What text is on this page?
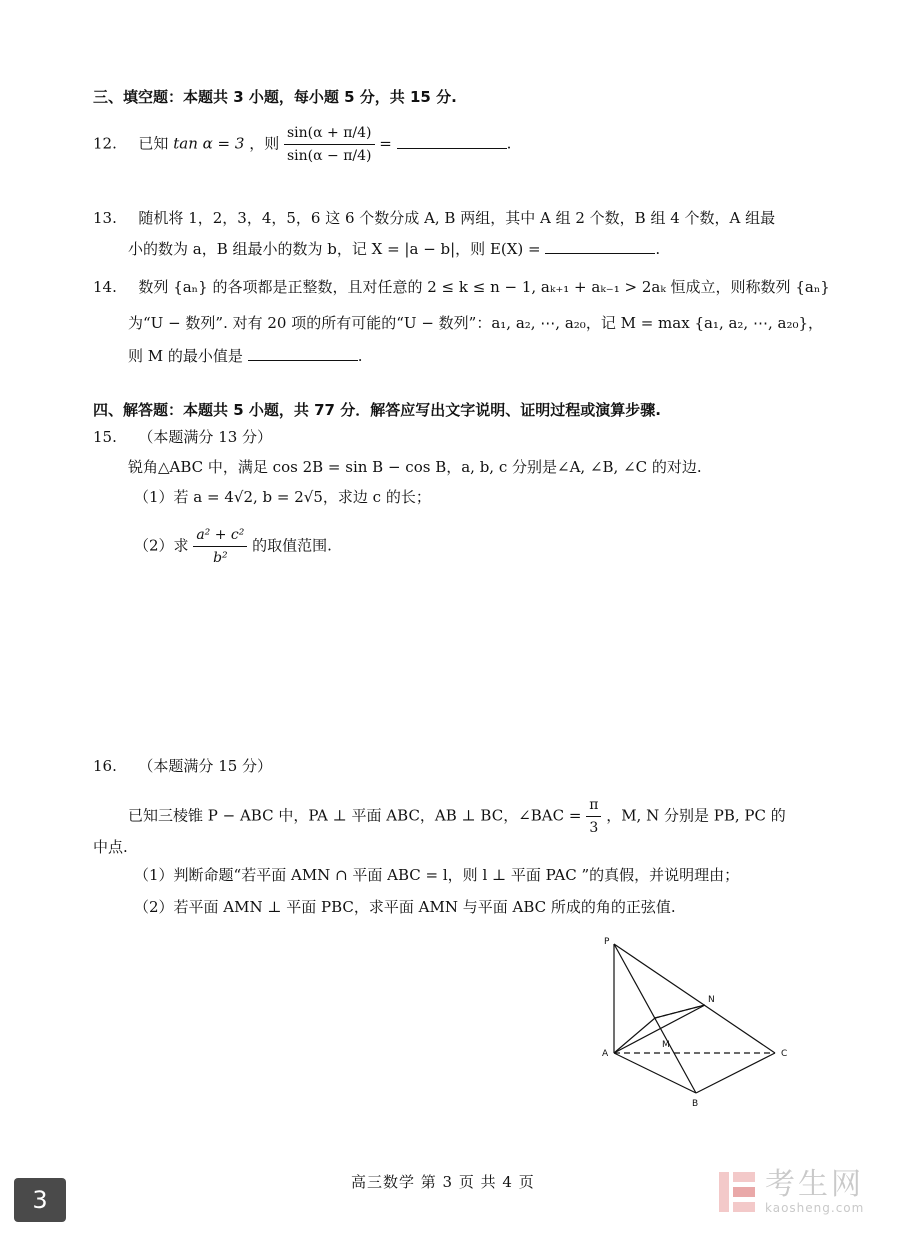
三、填空题：本题共 3 小题，每小题 5 分，共 15 分.
12. 已知 tan α = 3 ，则 $\frac{\sin(\alpha + \pi/4)}{\sin(\alpha - \pi/4)}$ =	.
13. 随机将 1，2，3，4，5，6 这 6 个数分成 A, B 两组，其中 A 组 2 个数，B 组 4 个数，A 组最
小的数为 a，B 组最小的数为 b，记 X = |a − b|，则 E(X) =	.
14. 数列 {aₙ} 的各项都是正整数，且对任意的 2 ≤ k ≤ n − 1, aₖ₊₁ + aₖ₋₁ > 2aₖ 恒成立，则称数列 {aₙ}
为“U − 数列”. 对有 20 项的所有可能的“U − 数列”：a₁, a₂, ⋯, a₂₀，记 M = max {a₁, a₂, ⋯, a₂₀}，
则 M 的最小值是	.
四、解答题：本题共 5 小题，共 77 分．解答应写出文字说明、证明过程或演算步骤.
15. （本题满分 13 分）
锐角△ABC 中，满足 cos 2B = sin B − cos B，a, b, c 分别是∠A, ∠B, ∠C 的对边.
（1）若 a = 4√2, b = 2√5，求边 c 的长；
（2）求 $\frac{\text{a² + c²}}{\text{b²}}$ 的取值范围.
16. （本题满分 15 分）
已知三棱锥 P − ABC 中，PA ⊥ 平面 ABC，AB ⊥ BC，∠BAC = $\frac{\pi}{3}$ ，M, N 分别是 PB, PC 的
中点.
（1）判断命题“若平面 AMN ∩ 平面 ABC = l，则 l ⊥ 平面 PAC ”的真假，并说明理由；
（2）若平面 AMN ⊥ 平面 PBC，求平面 AMN 与平面 ABC 所成的角的正弦值.
P
N
M
A	C
B
高三数学 第 3 页 共 4 页
3	考生网
kaosheng.com
